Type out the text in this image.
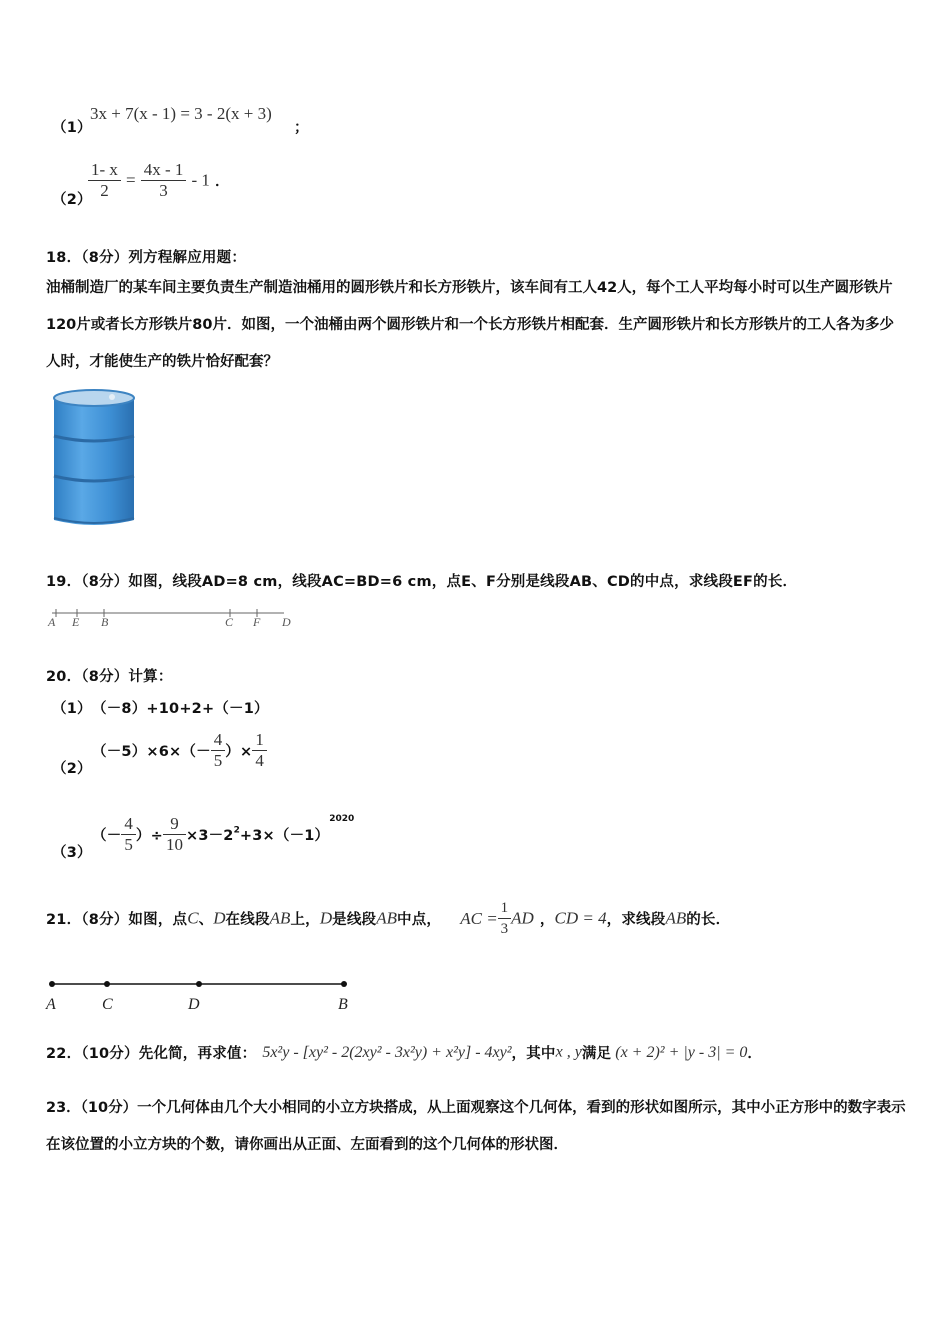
（1）
3x + 7(x - 1) = 3 - 2(x + 3)
；
（2）
$\frac{1- x}{2} = \frac{4x - 1}{3} - 1$ ．
18．（8分）列方程解应用题：
油桶制造厂的某车间主要负责生产制造油桶用的圆形铁片和长方形铁片，该车间有工人42人，每个工人平均每小时可以生产圆形铁片120片或者长方形铁片80片．如图，一个油桶由两个圆形铁片和一个长方形铁片相配套．生产圆形铁片和长方形铁片的工人各为多少人时，才能使生产的铁片恰好配套？
19．（8分）如图，线段AD=8 cm，线段AC=BD=6 cm，点E、F分别是线段AB、CD的中点，求线段EF的长．
A E B	C F D
20．（8分）计算：
（1） （－8）+10+2+（－1）
（2）
$(-5)\times 6\times(- \frac{4}{5}$ ）× $\frac{1}{4}$
（3）
（－ $\frac{4}{5}$ ）÷ $\frac{9}{10} \times 3-2^2+3\times(-1)^{2020}$
21．（8分）如图，点C、D在线段AB上，D是线段AB中点， AC = $\frac{1}{3}$ AD ，CD = 4，求线段AB的长．
A	C	D	B
22．（10分）先化简，再求值： 5x²y - [xy² - 2(2xy² - 3x²y) + x²y] - 4xy²，其中x , y满足 (x + 2)² + |y - 3| = 0．
23．（10分）一个几何体由几个大小相同的小立方块搭成，从上面观察这个几何体，看到的形状如图所示，其中小正方形中的数字表示在该位置的小立方块的个数，请你画出从正面、左面看到的这个几何体的形状图．
